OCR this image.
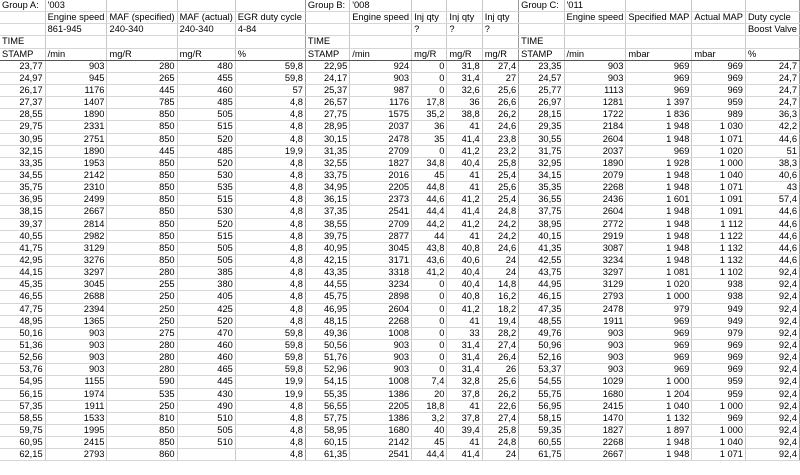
Group A:	'003				Group B:	'008				Group C:	'011			
	Engine speed	MAF (specified)	MAF (actual)	EGR duty cycle		Engine speed	Inj qty	Inj qty	Inj qty		Engine speed	Specified MAP	Actual MAP	Duty cycle
	861-945	240-340	240-340	4-84			?	?	?					Boost Valve
TIME					TIME					TIME				
STAMP	/min	mg/R	mg/R	%	STAMP	/min	mg/R	mg/R	mg/R	STAMP	/min	mbar	mbar	%
23,77	903	280	480	59,8	22,95	924	0	31,8	27,4	23,35	903	969	969	24,7
24,97	945	265	455	59,8	24,17	903	0	31,4	27	24,57	903	969	969	24,7
26,17	1176	445	460	57	25,37	987	0	32,6	25,6	25,77	1113	969	969	24,7
27,37	1407	785	485	4,8	26,57	1176	17,8	36	26,6	26,97	1281	1 397	959	24,7
28,55	1890	850	505	4,8	27,75	1575	35,2	38,8	26,2	28,15	1722	1 836	989	36,3
29,75	2331	850	515	4,8	28,95	2037	36	41	24,6	29,35	2184	1 948	1 030	42,2
30,95	2751	850	520	4,8	30,15	2478	35	41,4	23,8	30,55	2604	1 948	1 071	44,6
32,15	1890	445	485	19,9	31,35	2709	0	41,2	23,2	31,75	2037	969	1 020	51
33,35	1953	850	520	4,8	32,55	1827	34,8	40,4	25,8	32,95	1890	1 928	1 000	38,3
34,55	2142	850	530	4,8	33,75	2016	45	41	25,4	34,15	2079	1 948	1 040	40,6
35,75	2310	850	535	4,8	34,95	2205	44,8	41	25,6	35,35	2268	1 948	1 071	43
36,95	2499	850	515	4,8	36,15	2373	44,6	41,2	25,4	36,55	2436	1 601	1 091	57,4
38,15	2667	850	530	4,8	37,35	2541	44,4	41,4	24,8	37,75	2604	1 948	1 091	44,6
39,37	2814	850	520	4,8	38,55	2709	44,2	41,2	24,2	38,95	2772	1 948	1 112	44,6
40,55	2982	850	515	4,8	39,75	2877	44	41	24,2	40,15	2919	1 948	1 122	44,6
41,75	3129	850	505	4,8	40,95	3045	43,8	40,8	24,6	41,35	3087	1 948	1 132	44,6
42,95	3276	850	505	4,8	42,15	3171	43,6	40,6	24	42,55	3234	1 948	1 132	44,6
44,15	3297	280	385	4,8	43,35	3318	41,2	40,4	24	43,75	3297	1 081	1 102	92,4
45,35	3045	255	380	4,8	44,55	3234	0	40,4	14,8	44,95	3129	1 020	938	92,4
46,55	2688	250	405	4,8	45,75	2898	0	40,8	16,2	46,15	2793	1 000	938	92,4
47,75	2394	250	425	4,8	46,95	2604	0	41,2	18,2	47,35	2478	979	949	92,4
48,95	1365	250	520	4,8	48,15	2268	0	41	19,4	48,55	1911	969	949	92,4
50,16	903	275	470	59,8	49,36	1008	0	33	28,2	49,76	903	969	979	92,4
51,36	903	280	460	59,8	50,56	903	0	31,4	27,4	50,96	903	969	969	92,4
52,56	903	280	460	59,8	51,76	903	0	31,4	26,4	52,16	903	969	969	92,4
53,76	903	280	465	59,8	52,96	903	0	31,4	26	53,37	903	969	969	92,4
54,95	1155	590	445	19,9	54,15	1008	7,4	32,8	25,6	54,55	1029	1 000	959	92,4
56,15	1974	535	430	19,9	55,35	1386	20	37,8	26,2	55,75	1680	1 204	959	92,4
57,35	1911	250	490	4,8	56,55	2205	18,8	41	22,6	56,95	2415	1 040	1 000	92,4
58,55	1533	810	510	4,8	57,75	1386	3,2	37,8	27,4	58,15	1470	1 132	969	92,4
59,75	1995	850	505	4,8	58,95	1680	40	39,4	25,8	59,35	1827	1 897	1 000	92,4
60,95	2415	850	510	4,8	60,15	2142	45	41	24,8	60,55	2268	1 948	1 040	92,4
62,15	2793	860		4,8	61,35	2541	44,4	41,4	24	61,75	2667	1 948	1 071	92,4
